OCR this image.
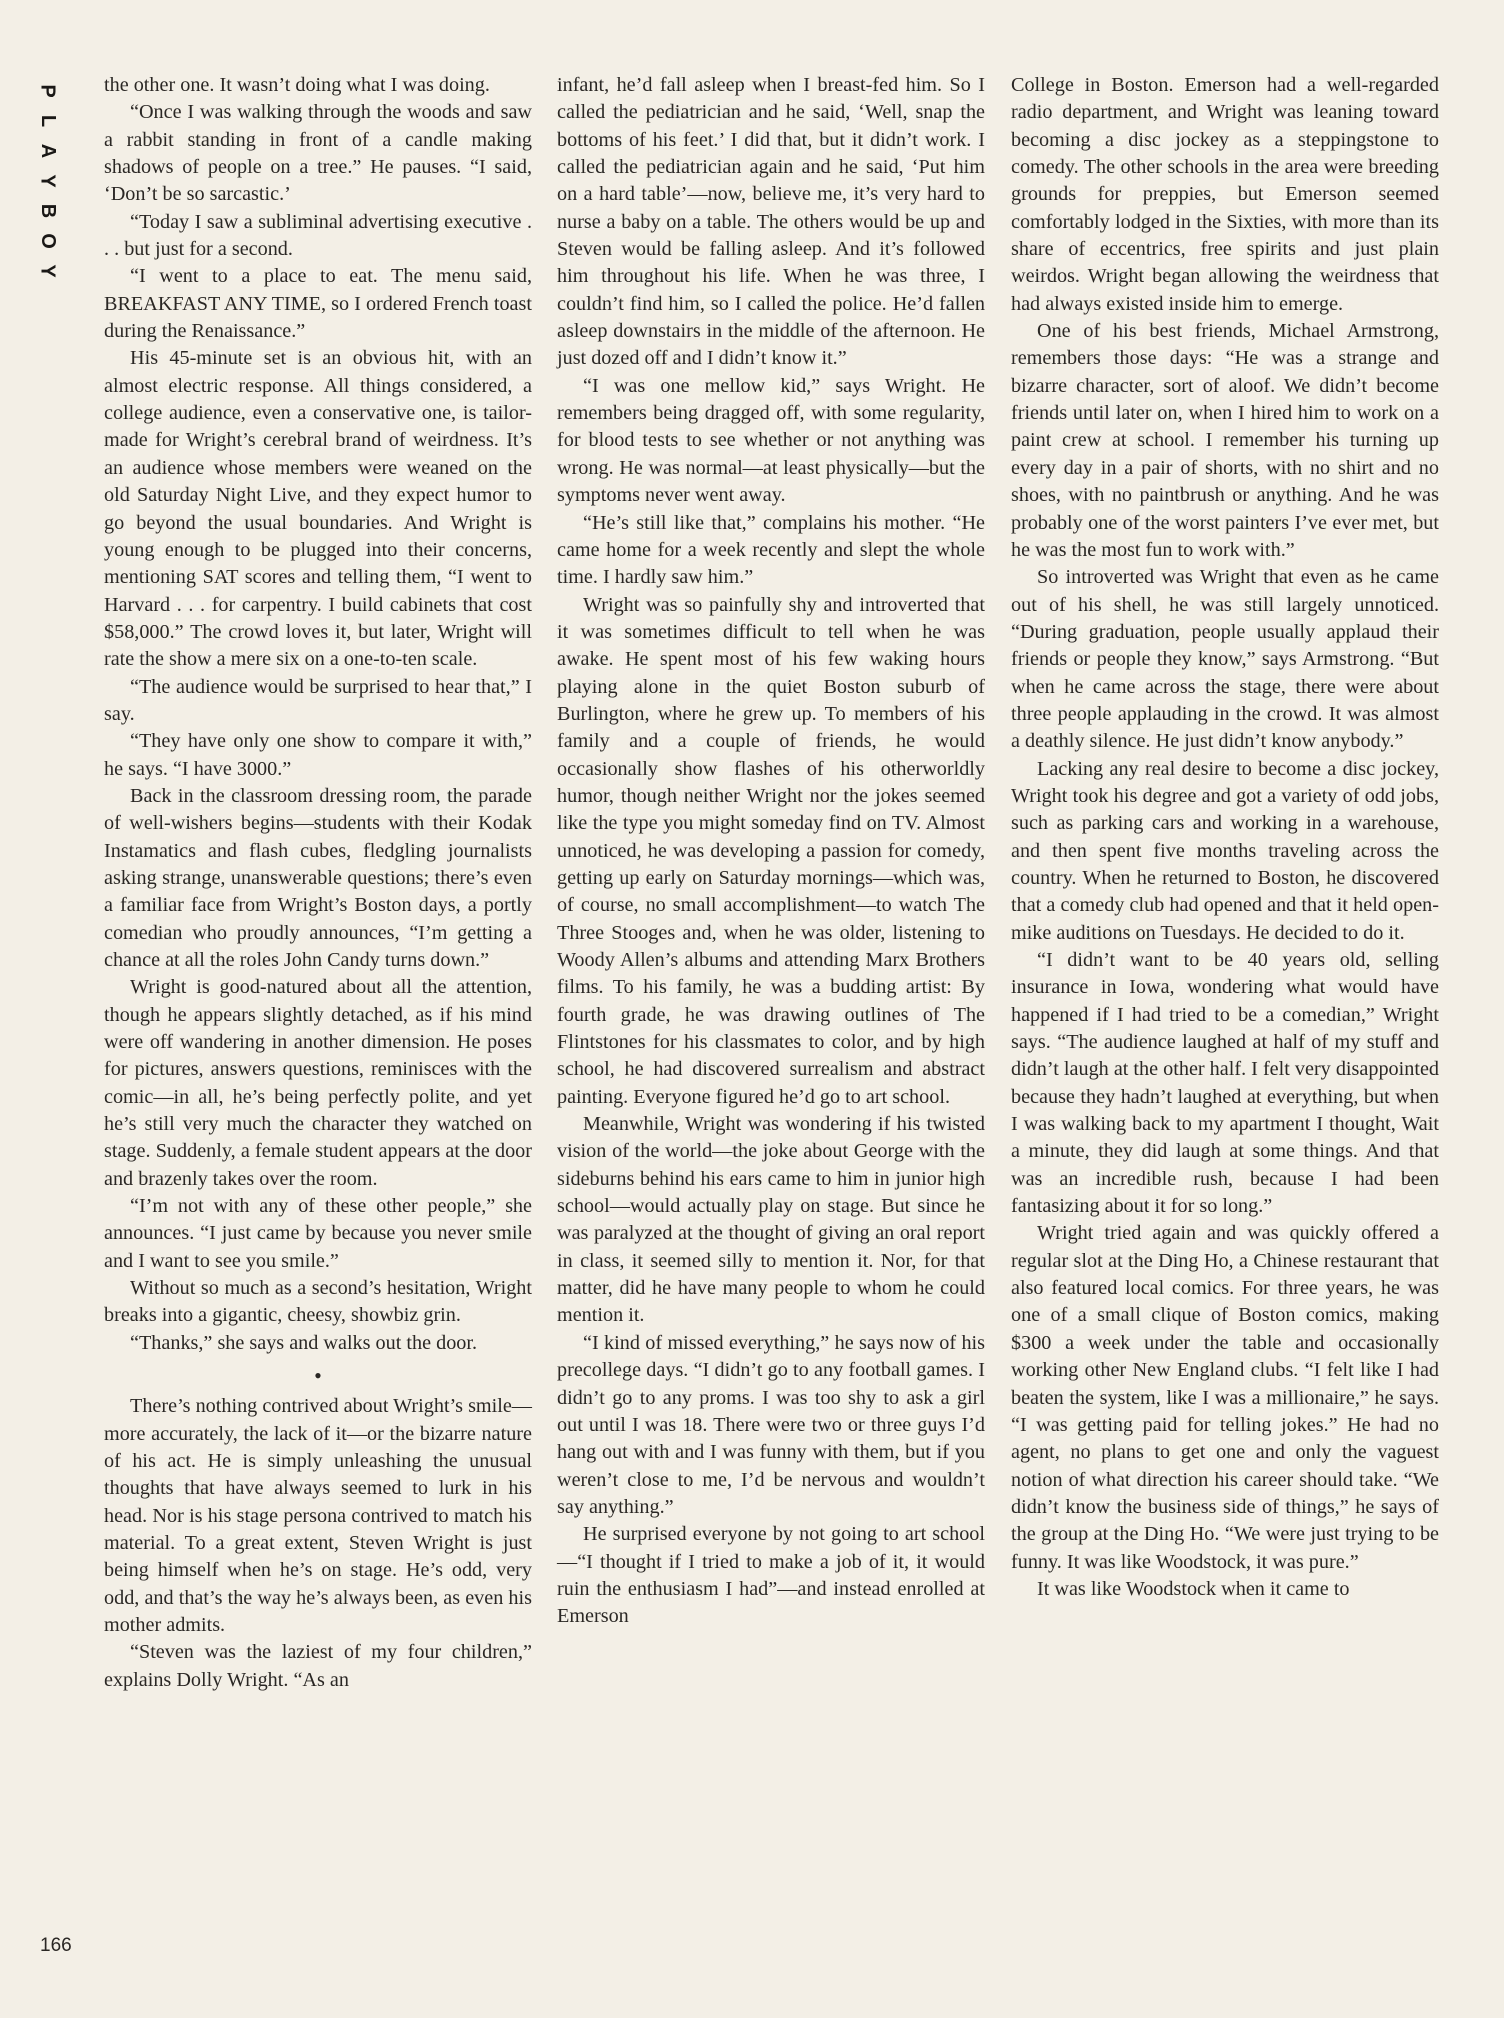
P
L
A
Y
B
O
Y
166

the other one. It wasn’t doing what I was doing.

“Once I was walking through the woods and saw a rabbit standing in front of a candle making shadows of people on a tree.” He pauses. “I said, ‘Don’t be so sarcastic.’

“Today I saw a subliminal advertising executive . . . but just for a second.

“I went to a place to eat. The menu said, BREAKFAST ANY TIME, so I ordered French toast during the Renaissance.”

His 45-minute set is an obvious hit, with an almost electric response. All things considered, a college audience, even a conservative one, is tailor-made for Wright’s cerebral brand of weirdness. It’s an audience whose members were weaned on the old Saturday Night Live, and they expect humor to go beyond the usual boundaries. And Wright is young enough to be plugged into their concerns, mentioning SAT scores and telling them, “I went to Harvard . . . for carpentry. I build cabinets that cost $58,000.” The crowd loves it, but later, Wright will rate the show a mere six on a one-to-ten scale.

“The audience would be surprised to hear that,” I say.

“They have only one show to compare it with,” he says. “I have 3000.”

Back in the classroom dressing room, the parade of well-wishers begins—students with their Kodak Instamatics and flash cubes, fledgling journalists asking strange, unanswerable questions; there’s even a familiar face from Wright’s Boston days, a portly comedian who proudly announces, “I’m getting a chance at all the roles John Candy turns down.”

Wright is good-natured about all the attention, though he appears slightly detached, as if his mind were off wandering in another dimension. He poses for pictures, answers questions, reminisces with the comic—in all, he’s being perfectly polite, and yet he’s still very much the character they watched on stage. Suddenly, a female student appears at the door and brazenly takes over the room.

“I’m not with any of these other people,” she announces. “I just came by because you never smile and I want to see you smile.”

Without so much as a second’s hesitation, Wright breaks into a gigantic, cheesy, showbiz grin.

“Thanks,” she says and walks out the door.

•

There’s nothing contrived about Wright’s smile—more accurately, the lack of it—or the bizarre nature of his act. He is simply unleashing the unusual thoughts that have always seemed to lurk in his head. Nor is his stage persona contrived to match his material. To a great extent, Steven Wright is just being himself when he’s on stage. He’s odd, very odd, and that’s the way he’s always been, as even his mother admits.

“Steven was the laziest of my four children,” explains Dolly Wright. “As an

infant, he’d fall asleep when I breast-fed him. So I called the pediatrician and he said, ‘Well, snap the bottoms of his feet.’ I did that, but it didn’t work. I called the pediatrician again and he said, ‘Put him on a hard table’—now, believe me, it’s very hard to nurse a baby on a table. The others would be up and Steven would be falling asleep. And it’s followed him throughout his life. When he was three, I couldn’t find him, so I called the police. He’d fallen asleep downstairs in the middle of the afternoon. He just dozed off and I didn’t know it.”

“I was one mellow kid,” says Wright. He remembers being dragged off, with some regularity, for blood tests to see whether or not anything was wrong. He was normal—at least physically—but the symptoms never went away.

“He’s still like that,” complains his mother. “He came home for a week recently and slept the whole time. I hardly saw him.”

Wright was so painfully shy and introverted that it was sometimes difficult to tell when he was awake. He spent most of his few waking hours playing alone in the quiet Boston suburb of Burlington, where he grew up. To members of his family and a couple of friends, he would occasionally show flashes of his otherworldly humor, though neither Wright nor the jokes seemed like the type you might someday find on TV. Almost unnoticed, he was developing a passion for comedy, getting up early on Saturday mornings—which was, of course, no small accomplishment—to watch The Three Stooges and, when he was older, listening to Woody Allen’s albums and attending Marx Brothers films. To his family, he was a budding artist: By fourth grade, he was drawing outlines of The Flintstones for his classmates to color, and by high school, he had discovered surrealism and abstract painting. Everyone figured he’d go to art school.

Meanwhile, Wright was wondering if his twisted vision of the world—the joke about George with the sideburns behind his ears came to him in junior high school—would actually play on stage. But since he was paralyzed at the thought of giving an oral report in class, it seemed silly to mention it. Nor, for that matter, did he have many people to whom he could mention it.

“I kind of missed everything,” he says now of his precollege days. “I didn’t go to any football games. I didn’t go to any proms. I was too shy to ask a girl out until I was 18. There were two or three guys I’d hang out with and I was funny with them, but if you weren’t close to me, I’d be nervous and wouldn’t say anything.”

He surprised everyone by not going to art school—“I thought if I tried to make a job of it, it would ruin the enthusiasm I had”—and instead enrolled at Emerson

College in Boston. Emerson had a well-regarded radio department, and Wright was leaning toward becoming a disc jockey as a steppingstone to comedy. The other schools in the area were breeding grounds for preppies, but Emerson seemed comfortably lodged in the Sixties, with more than its share of eccentrics, free spirits and just plain weirdos. Wright began allowing the weirdness that had always existed inside him to emerge.

One of his best friends, Michael Armstrong, remembers those days: “He was a strange and bizarre character, sort of aloof. We didn’t become friends until later on, when I hired him to work on a paint crew at school. I remember his turning up every day in a pair of shorts, with no shirt and no shoes, with no paintbrush or anything. And he was probably one of the worst painters I’ve ever met, but he was the most fun to work with.”

So introverted was Wright that even as he came out of his shell, he was still largely unnoticed. “During graduation, people usually applaud their friends or people they know,” says Armstrong. “But when he came across the stage, there were about three people applauding in the crowd. It was almost a deathly silence. He just didn’t know anybody.”

Lacking any real desire to become a disc jockey, Wright took his degree and got a variety of odd jobs, such as parking cars and working in a warehouse, and then spent five months traveling across the country. When he returned to Boston, he discovered that a comedy club had opened and that it held open-mike auditions on Tuesdays. He decided to do it.

“I didn’t want to be 40 years old, selling insurance in Iowa, wondering what would have happened if I had tried to be a comedian,” Wright says. “The audience laughed at half of my stuff and didn’t laugh at the other half. I felt very disappointed because they hadn’t laughed at everything, but when I was walking back to my apartment I thought, Wait a minute, they did laugh at some things. And that was an incredible rush, because I had been fantasizing about it for so long.”

Wright tried again and was quickly offered a regular slot at the Ding Ho, a Chinese restaurant that also featured local comics. For three years, he was one of a small clique of Boston comics, making $300 a week under the table and occasionally working other New England clubs. “I felt like I had beaten the system, like I was a millionaire,” he says. “I was getting paid for telling jokes.” He had no agent, no plans to get one and only the vaguest notion of what direction his career should take. “We didn’t know the business side of things,” he says of the group at the Ding Ho. “We were just trying to be funny. It was like Woodstock, it was pure.”

It was like Woodstock when it came to
